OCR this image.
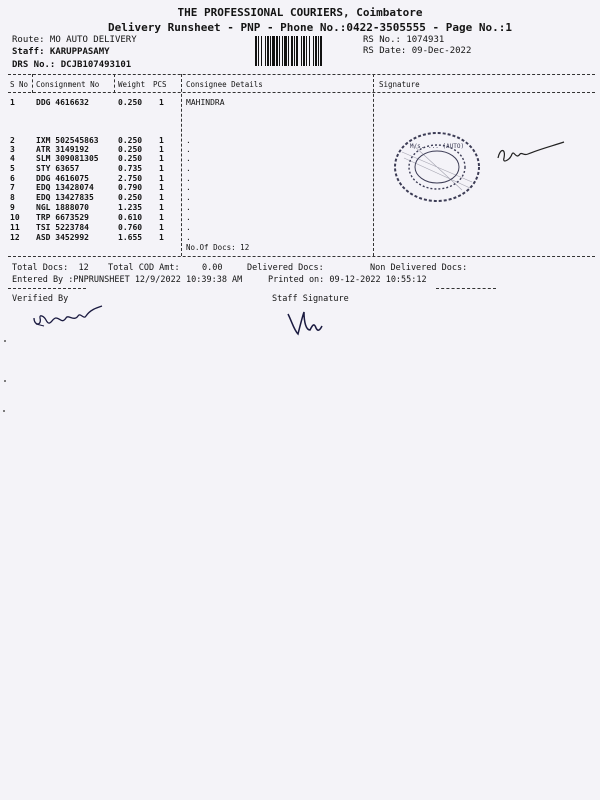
THE PROFESSIONAL COURIERS, Coimbatore
Delivery Runsheet - PNP - Phone No.:0422-3505555 - Page No.:1
Route: MO AUTO DELIVERY
Staff: KARUPPASAMY
DRS No.: DCJB107493101
RS No.: 1074931
RS Date: 09-Dec-2022
S No Consignment No	Weight PCS	Consignee Details	Signature
1	DDG 4616632	0.250 1	MAHINDRA
2	IXM 502545863 0.250 1	.
3	ATR 3149192	0.250 1	.
4	SLM 309081305 0.250 1	.
5	STY 63657	0.735 1	.
6	DDG 4616075	2.750 1	.
7	EDQ 13428074	0.790 1	.
8	EDQ 13427835	0.250 1	.
9	NGL 1888070	1.235 1	.
10 TRP 6673529	0.610 1	.
11 TSI 5223784	0.760 1	.
12 ASD 3452992	1.655 1	.
No.Of Docs: 12
M/s. ... (AUTO)
Total Docs:  12 Total COD Amt:	0.00	Delivered Docs:	Non Delivered Docs:
Entered By :PNPRUNSHEET 12/9/2022 10:39:38 AM	Printed on: 09-12-2022 10:55:12
Verified By	Staff Signature
